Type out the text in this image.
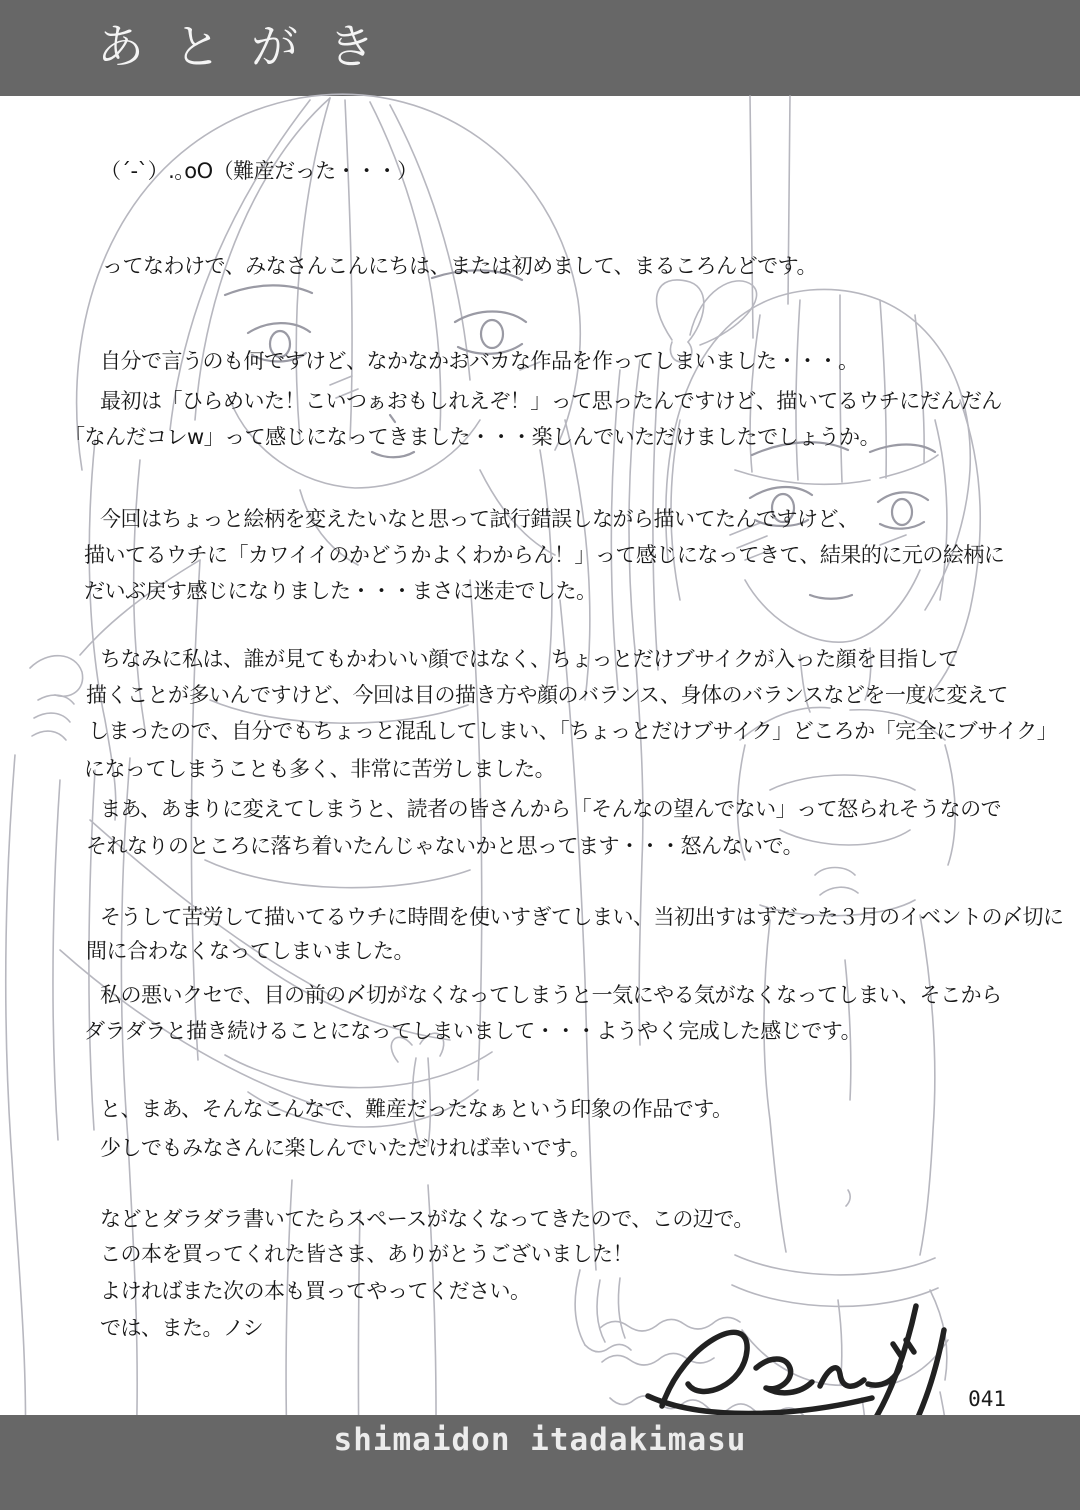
あとがき
（´-`）.｡oO（難産だった・・・）
ってなわけで、みなさんこんにちは、または初めまして、まるころんどです。
自分で言うのも何ですけど、なかなかおバカな作品を作ってしまいました・・・。
最初は「ひらめいた！こいつぁおもしれえぞ！」って思ったんですけど、描いてるウチにだんだん
「なんだコレw」って感じになってきました・・・楽しんでいただけましたでしょうか。
今回はちょっと絵柄を変えたいなと思って試行錯誤しながら描いてたんですけど、
描いてるウチに「カワイイのかどうかよくわからん！」って感じになってきて、結果的に元の絵柄に
だいぶ戻す感じになりました・・・まさに迷走でした。
ちなみに私は、誰が見てもかわいい顔ではなく、ちょっとだけブサイクが入った顔を目指して
描くことが多いんですけど、今回は目の描き方や顔のバランス、身体のバランスなどを一度に変えて
しまったので、自分でもちょっと混乱してしまい、「ちょっとだけブサイク」どころか「完全にブサイク」
になってしまうことも多く、非常に苦労しました。
まあ、あまりに変えてしまうと、読者の皆さんから「そんなの望んでない」って怒られそうなので
それなりのところに落ち着いたんじゃないかと思ってます・・・怒んないで。
そうして苦労して描いてるウチに時間を使いすぎてしまい、当初出すはずだった３月のイベントの〆切に
間に合わなくなってしまいました。
私の悪いクセで、目の前の〆切がなくなってしまうと一気にやる気がなくなってしまい、そこから
ダラダラと描き続けることになってしまいまして・・・ようやく完成した感じです。
と、まあ、そんなこんなで、難産だったなぁという印象の作品です。
少しでもみなさんに楽しんでいただければ幸いです。
などとダラダラ書いてたらスペースがなくなってきたので、この辺で。
この本を買ってくれた皆さま、ありがとうございました！
よければまた次の本も買ってやってください。
では、また。ノシ
041
shimaidon itadakimasu
